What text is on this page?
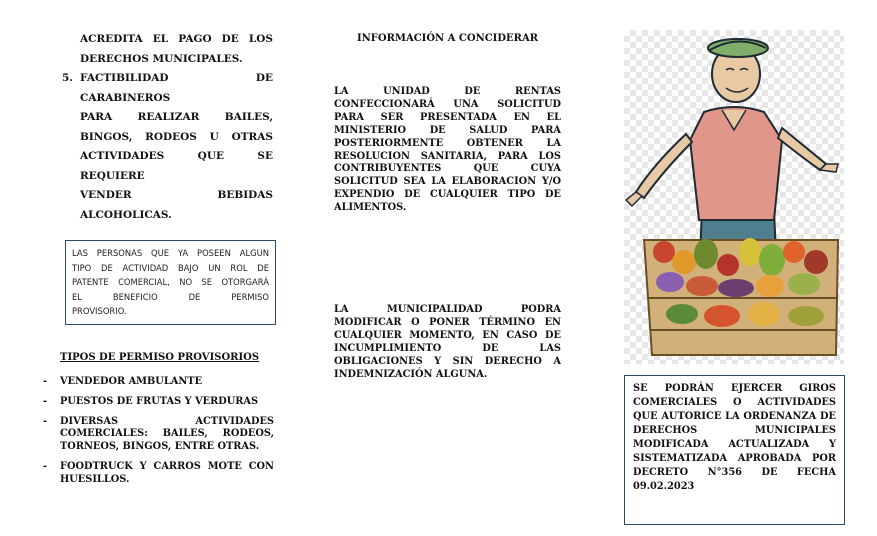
ACREDITA EL PAGO DE LOS
DERECHOS MUNICIPALES.
5. FACTIBILIDAD DE CARABINEROS
PARA REALIZAR BAILES,
BINGOS, RODEOS U OTRAS
ACTIVIDADES QUE SE REQUIERE
VENDER BEBIDAS
ALCOHOLICAS.
LAS PERSONAS QUE YA POSEEN ALGUN
TIPO DE ACTIVIDAD BAJO UN ROL DE
PATENTE COMERCIAL, NO SE OTORGARÁ
EL BENEFICIO DE PERMISO
PROVISORIO.
TIPOS DE PERMISO PROVISORIOS
- VENDEDOR AMBULANTE
- PUESTOS DE FRUTAS Y VERDURAS
- DIVERSAS ACTIVIDADES
COMERCIALES: BAILES, RODEOS,
TORNEOS, BINGOS, ENTRE OTRAS.
- FOODTRUCK Y CARROS MOTE CON
HUESILLOS.
INFORMACIÓN A CONCIDERAR
LA UNIDAD DE RENTAS
CONFECCIONARÁ UNA SOLICITUD
PARA SER PRESENTADA EN EL
MINISTERIO DE SALUD PARA
POSTERIORMENTE OBTENER LA
RESOLUCION SANITARIA, PARA LOS
CONTRIBUYENTES QUE CUYA
SOLICITUD SEA LA ELABORACION Y/O
EXPENDIO DE CUALQUIER TIPO DE
ALIMENTOS.
LA MUNICIPALIDAD PODRA
MODIFICAR O PONER TÉRMINO EN
CUALQUIER MOMENTO, EN CASO DE
INCUMPLIMIENTO DE LAS
OBLIGACIONES Y SIN DERECHO A
INDEMNIZACIÓN ALGUNA.
SE PODRÁN EJERCER GIROS
COMERCIALES O ACTIVIDADES
QUE AUTORICE LA ORDENANZA DE
DERECHOS MUNICIPALES
MODIFICADA ACTUALIZADA Y
SISTEMATIZADA APROBADA POR
DECRETO N°356 DE FECHA
09.02.2023
